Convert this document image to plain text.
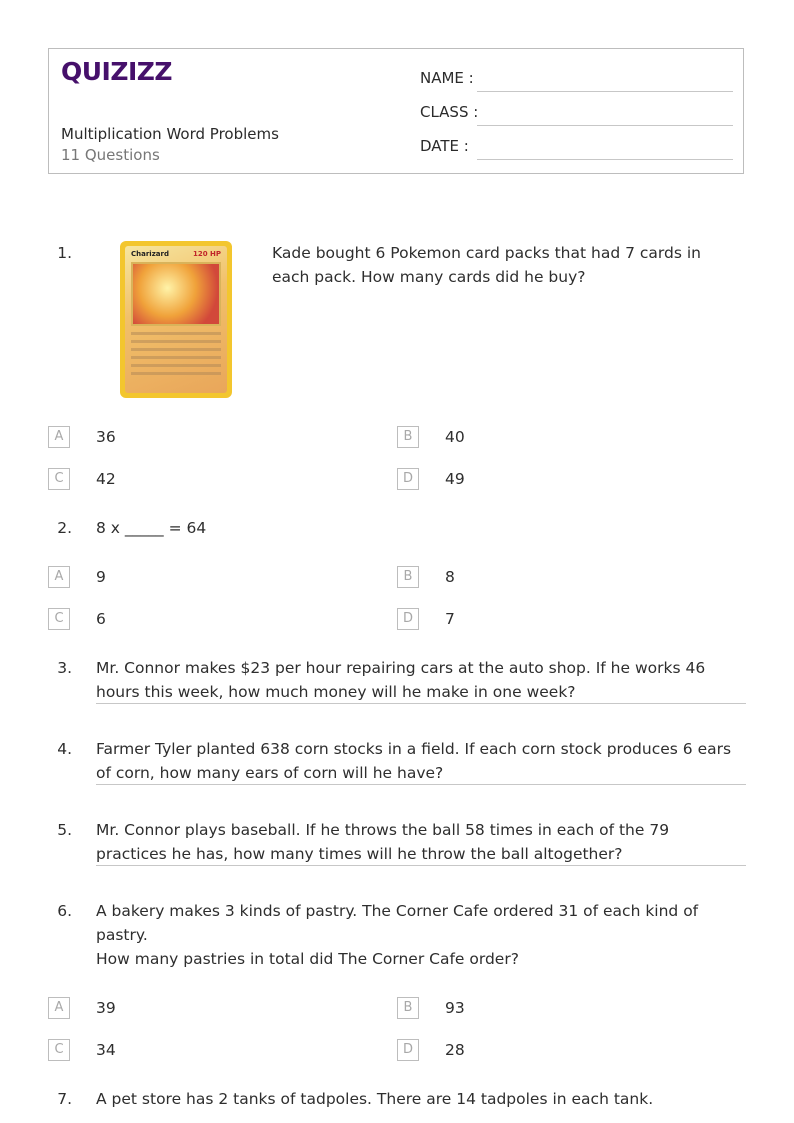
QUIZIZZ
Multiplication Word Problems
11 Questions
NAME :
CLASS :
DATE :
1.	Charizard	120 HP	Kade bought 6 Pokemon card packs that had 7 cards in each pack. How many cards did he buy?
A	36	B	40
C	42	D	49
2. 8 x _____ = 64
A	9	B	8
C	6	D	7
3. Mr. Connor makes $23 per hour repairing cars at the auto shop. If he works 46 hours this week, how much money will he make in one week?
4. Farmer Tyler planted 638 corn stocks in a field. If each corn stock produces 6 ears of corn, how many ears of corn will he have?
5. Mr. Connor plays baseball. If he throws the ball 58 times in each of the 79 practices he has, how many times will he throw the ball altogether?
6. A bakery makes 3 kinds of pastry. The Corner Cafe ordered 31 of each kind of pastry.
How many pastries in total did The Corner Cafe order?
A	39	B	93
C	34	D	28
7. A pet store has 2 tanks of tadpoles. There are 14 tadpoles in each tank.
